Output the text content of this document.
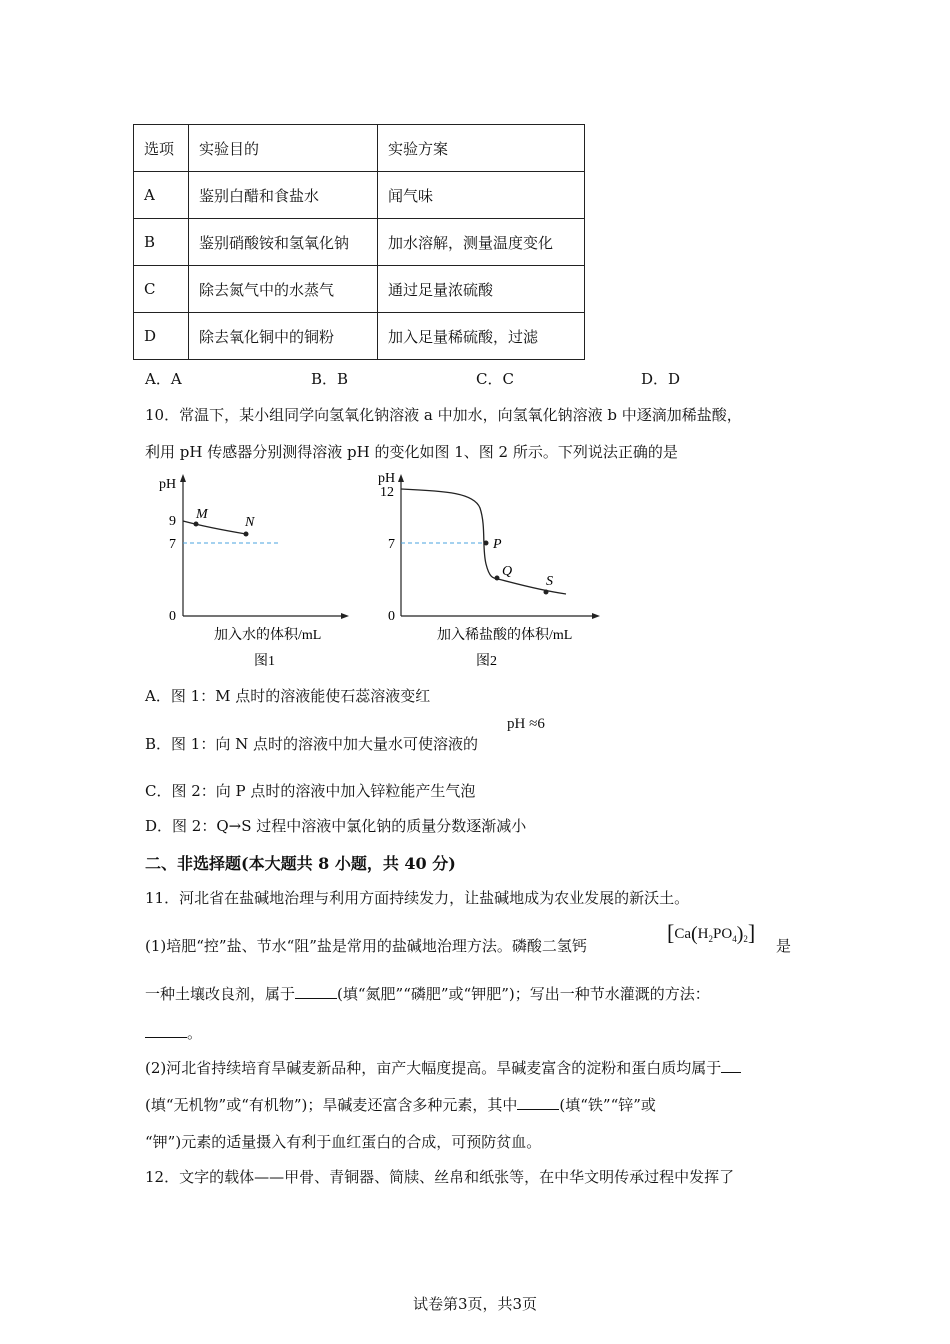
选项	实验目的	实验方案
A	鉴别白醋和食盐水	闻气味
B	鉴别硝酸铵和氢氧化钠	加水溶解，测量温度变化
C	除去氮气中的水蒸气	通过足量浓硫酸
D	除去氧化铜中的铜粉	加入足量稀硫酸，过滤
A．A	B．B	C．C	D．D
10．常温下，某小组同学向氢氧化钠溶液 a 中加水，向氢氧化钠溶液 b 中逐滴加稀盐酸，
利用 pH 传感器分别测得溶液 pH 的变化如图 1、图 2 所示。下列说法正确的是
pH
9
7
0
M
N
加入水的体积/mL
图1
pH
12
7
0
P
Q
S
加入稀盐酸的体积/mL
图2
A．图 1：M 点时的溶液能使石蕊溶液变红
B．图 1：向 N 点时的溶液中加大量水可使溶液的
pH ≈6
C．图 2：向 P 点时的溶液中加入锌粒能产生气泡
D．图 2：Q→S 过程中溶液中氯化钠的质量分数逐渐减小
二、非选择题(本大题共 8 小题，共 40 分)
11．河北省在盐碱地治理与利用方面持续发力，让盐碱地成为农业发展的新沃土。
(1)培肥“控”盐、节水“阻”盐是常用的盐碱地治理方法。磷酸二氢钙
$[Ca(H_2PO_4)_2]$
是
一种土壤改良剂，属于	(填“氮肥”“磷肥”或“钾肥”)；写出一种节水灌溉的方法：
。
(2)河北省持续培育旱碱麦新品种，亩产大幅度提高。旱碱麦富含的淀粉和蛋白质均属于
(填“无机物”或“有机物”)；旱碱麦还富含多种元素，其中	(填“铁”“锌”或
“钾”)元素的适量摄入有利于血红蛋白的合成，可预防贫血。
12．文字的载体——甲骨、青铜器、简牍、丝帛和纸张等，在中华文明传承过程中发挥了
试卷第3页，共3页
